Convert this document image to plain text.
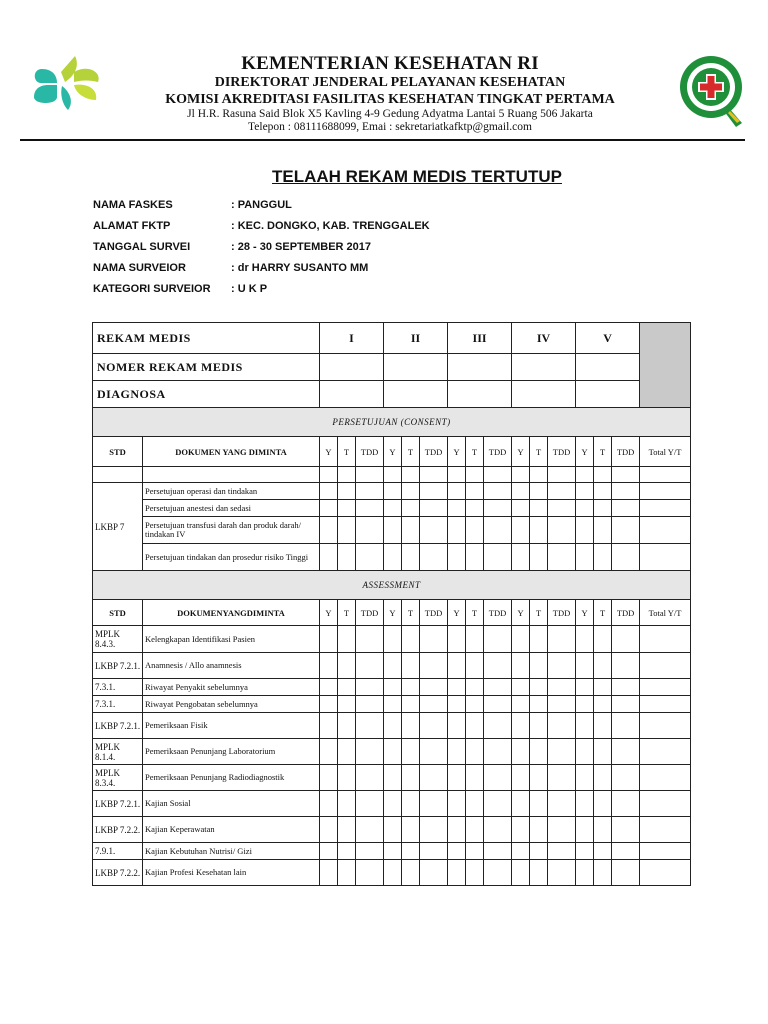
KEMENTERIAN KESEHATAN RI
DIREKTORAT JENDERAL PELAYANAN KESEHATAN
KOMISI AKREDITASI FASILITAS KESEHATAN TINGKAT PERTAMA
Jl H.R. Rasuna Said Blok X5 Kavling 4-9 Gedung Adyatma Lantai 5 Ruang 506 Jakarta
Telepon : 08111688099, Emai : sekretariatkafktp@gmail.com
TELAAH REKAM MEDIS TERTUTUP
NAMA FASKES	: PANGGUL
ALAMAT FKTP	: KEC. DONGKO, KAB. TRENGGALEK
TANGGAL SURVEI	: 28 - 30 SEPTEMBER 2017
NAMA SURVEIOR	: dr HARRY SUSANTO MM
KATEGORI SURVEIOR : U K P
REKAM MEDIS		I			II			III			IV			V			
NOMER REKAM MEDIS																	
DIAGNOSA																	
PERSETUJUAN (CONSENT)																	
STD	DOKUMEN YANG DIMINTA	Y	T	TDD	Y	T	TDD	Y	T	TDD	Y	T	TDD	Y	T	TDD	Total Y/T

LKBP 7	Persetujuan operasi dan tindakan																
	Persetujuan anestesi dan sedasi																
	Persetujuan transfusi darah dan produk darah/ tindakan IV																
	Persetujuan tindakan dan prosedur risiko Tinggi																
ASSESSMENT																	
STD	DOKUMENYANGDIMINTA	Y	T	TDD	Y	T	TDD	Y	T	TDD	Y	T	TDD	Y	T	TDD	Total Y/T
MPLK 8.4.3.	Kelengkapan Identifikasi Pasien																
LKBP 7.2.1.	Anamnesis / Allo anamnesis																
7.3.1.	Riwayat Penyakit sebelumnya																
7.3.1.	Riwayat Pengobatan sebelumnya																
LKBP 7.2.1.	Pemeriksaan Fisik																
MPLK 8.1.4.	Pemeriksaan Penunjang Laboratorium																
MPLK 8.3.4.	Pemeriksaan Penunjang Radiodiagnostik																
LKBP 7.2.1.	Kajian Sosial																
LKBP 7.2.2.	Kajian Keperawatan																
7.9.1.	Kajian Kebutuhan Nutrisi/ Gizi																
LKBP 7.2.2.	Kajian Profesi Kesehatan lain																
